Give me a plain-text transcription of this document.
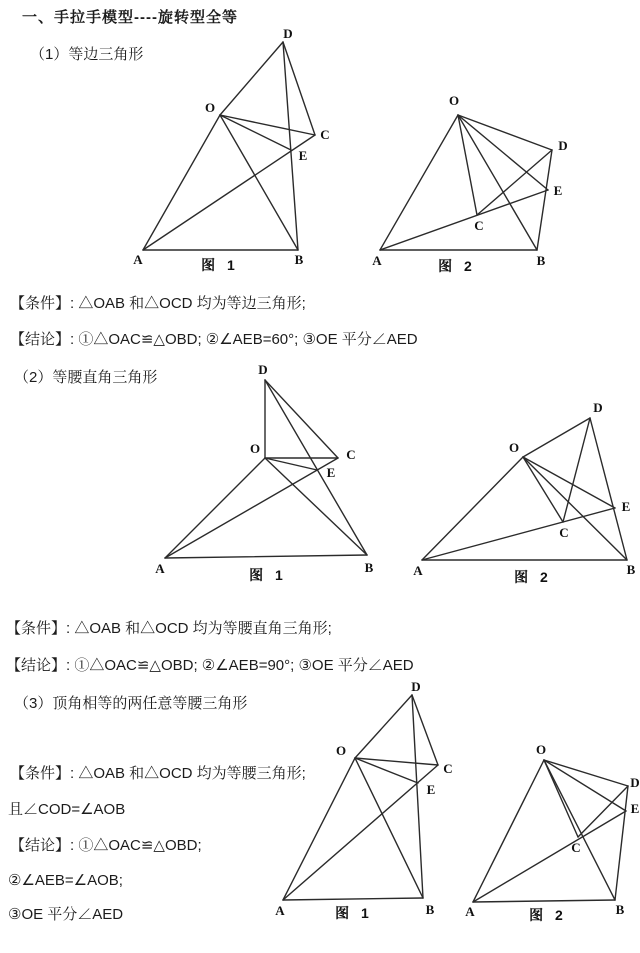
一、手拉手模型----旋转型全等
（1）等边三角形
【条件】: △OAB 和△OCD 均为等边三角形;
【结论】: ①△OAC≌△OBD; ②∠AEB=60°; ③OE 平分∠AED
（2）等腰直角三角形
【条件】: △OAB 和△OCD 均为等腰直角三角形;
【结论】: ①△OAC≌△OBD; ②∠AEB=90°; ③OE 平分∠AED
（3）顶角相等的两任意等腰三角形
【条件】: △OAB 和△OCD 均为等腰三角形;
且∠COD=∠AOB
【结论】: ①△OAC≌△OBD;
②∠AEB=∠AOB;
③OE 平分∠AED
A	B
O
C
D
E
图 1	A	B
O
C
D
E
图 2
A	B
O	C
D
E
图 1	A	B
O
C
D
E
图 2
A	B
O
C
D
E
图 1	A	B
O
C
D
E
图 2
